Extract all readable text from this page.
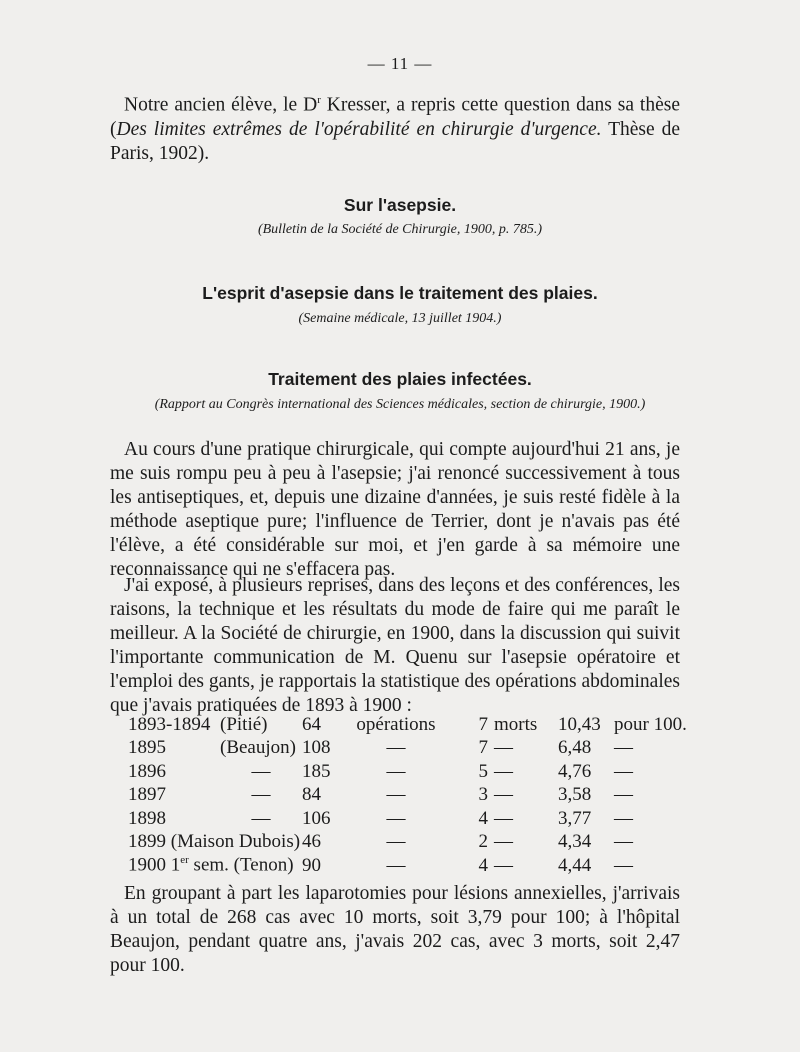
— 11 —

Notre ancien élève, le $D^r$ Kresser, a repris cette question dans sa thèse (Des limites extrêmes de l'opérabilité en chirurgie d'urgence. Thèse de Paris, 1902).

Sur l'asepsie.
(Bulletin de la Société de Chirurgie, 1900, p. 785.)
L'esprit d'asepsie dans le traitement des plaies.
(Semaine médicale, 13 juillet 1904.)
Traitement des plaies infectées.
(Rapport au Congrès international des Sciences médicales, section de chirurgie, 1900.)

Au cours d'une pratique chirurgicale, qui compte aujourd'hui 21 ans, je me suis rompu peu à peu à l'asepsie; j'ai renoncé successivement à tous les antiseptiques, et, depuis une dizaine d'années, je suis resté fidèle à la méthode aseptique pure; l'influence de Terrier, dont je n'avais pas été l'élève, a été considérable sur moi, et j'en garde à sa mémoire une reconnaissance qui ne s'effacera pas.

J'ai exposé, à plusieurs reprises, dans des leçons et des conférences, les raisons, la technique et les résultats du mode de faire qui me paraît le meilleur. A la Société de chirurgie, en 1900, dans la discussion qui suivit l'importante communication de M. Quenu sur l'asepsie opératoire et l'emploi des gants, je rapportais la statistique des opérations abdominales que j'avais pratiquées de 1893 à 1900 :

1893-1894	(Pitié)	64	opérations	7	morts	10,43	pour 100.
1895	(Beaujon)	108	—	7	—	6,48	—
1896	—	185	—	5	—	4,76	—
1897	—	84	—	3	—	3,58	—
1898	—	106	—	4	—	3,77	—
1899 (Maison Dubois)		46	—	2	—	4,34	—
1900 1er sem. (Tenon)		90	—	4	—	4,44	—

En groupant à part les laparotomies pour lésions annexielles, j'arrivais à un total de 268 cas avec 10 morts, soit 3,79 pour 100; à l'hôpital Beaujon, pendant quatre ans, j'avais 202 cas, avec 3 morts, soit 2,47 pour 100.
